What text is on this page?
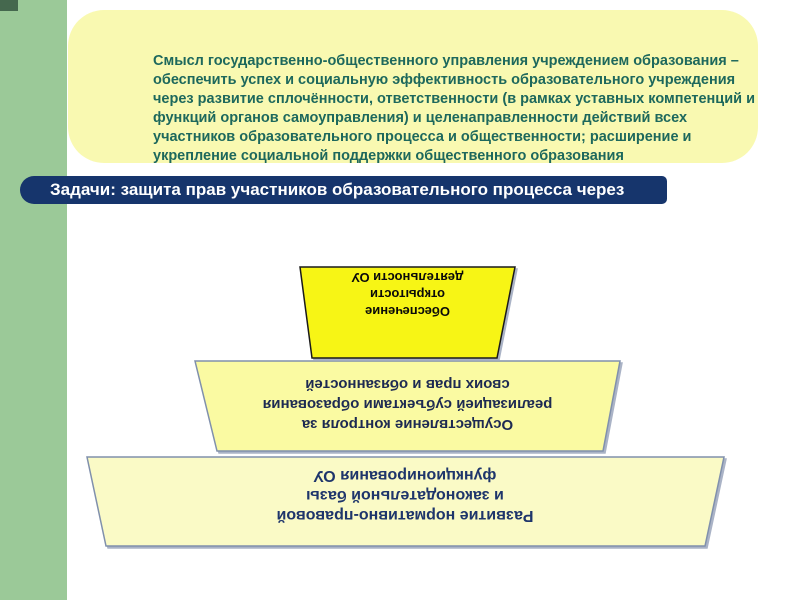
Смысл государственно-общественного управления учреждением образования –
обеспечить успех и социальную эффективность образовательного учреждения
через развитие сплочённости, ответственности (в рамках уставных компетенций и
функций органов самоуправления) и целенаправленности действий всех
участников образовательного процесса и общественности; расширение и
укрепление социальной поддержки общественного образования
Задачи: защита прав участников образовательного процесса через
Обеспечение
открытости
деятельности ОУ
Осуществление контроля за
реализацией субъектами образования
своих прав и обязанностей
Развитие нормативно-правовой
и законодательной базы
функционирования ОУ
